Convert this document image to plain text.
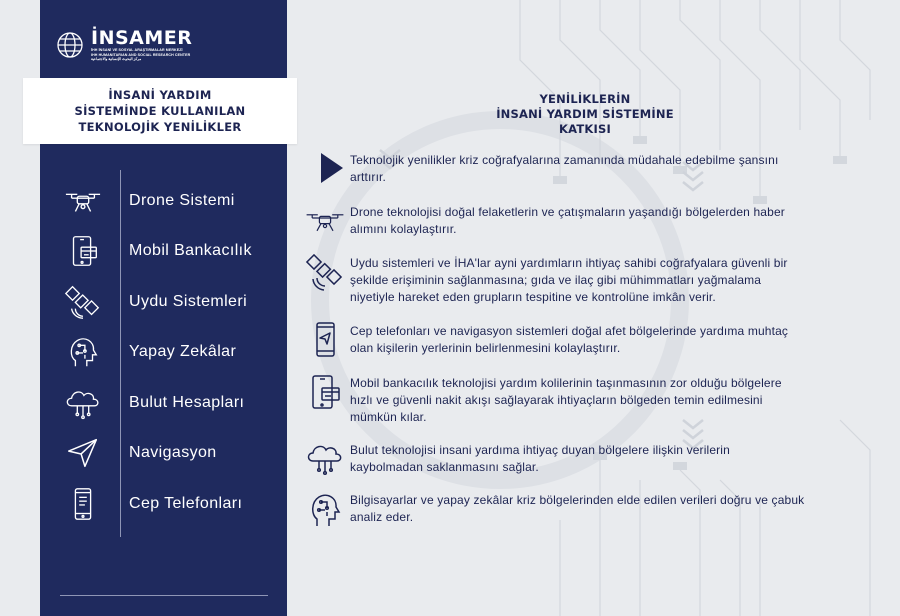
İNSAMER
İHH İNSANİ VE SOSYAL ARAŞTIRMALAR MERKEZİ
IHH HUMANITARIAN AND SOCIAL RESEARCH CENTER
مركز البحوث الإنسانية والاجتماعية
İNSANİ YARDIM
SİSTEMİNDE KULLANILAN
TEKNOLOJİK YENİLİKLER
Drone Sistemi
Mobil Bankacılık
Uydu Sistemleri
Yapay Zekâlar
Bulut Hesapları
Navigasyon
Cep Telefonları
YENİLİKLERİN
İNSANİ YARDIM SİSTEMİNE
KATKISI
Teknolojik yenilikler kriz coğrafyalarına zamanında müdahale edebilme şansını
arttırır.
Drone teknolojisi doğal felaketlerin ve çatışmaların yaşandığı bölgelerden haber
alımını kolaylaştırır.
Uydu sistemleri ve İHA'lar ayni yardımların ihtiyaç sahibi coğrafyalara güvenli bir
şekilde erişiminin sağlanmasına; gıda ve ilaç gibi mühimmatları yağmalama
niyetiyle hareket eden grupların tespitine ve kontrolüne imkân verir.
Cep telefonları ve navigasyon sistemleri doğal afet bölgelerinde yardıma muhtaç
olan kişilerin yerlerinin belirlenmesini kolaylaştırır.
Mobil bankacılık teknolojisi yardım kolilerinin taşınmasının zor olduğu bölgelere
hızlı ve güvenli nakit akışı sağlayarak ihtiyaçların bölgeden temin edilmesini
mümkün kılar.
Bulut teknolojisi insani yardıma ihtiyaç duyan bölgelere ilişkin verilerin
kaybolmadan saklanmasını sağlar.
Bilgisayarlar ve yapay zekâlar kriz bölgelerinden elde edilen verileri doğru ve çabuk
analiz eder.
